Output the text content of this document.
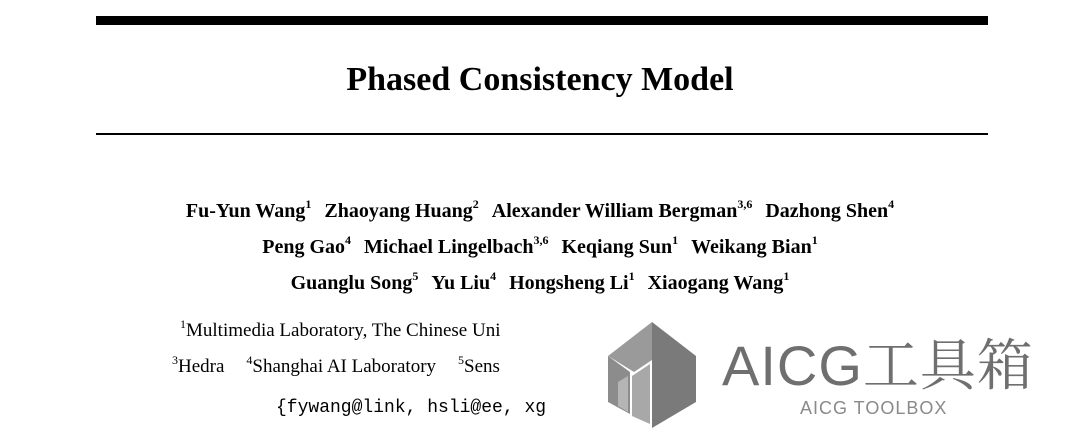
Phased Consistency Model
Fu-Yun Wang$^1$ Zhaoyang Huang$^2$ Alexander William Bergman$^{3,6}$ Dazhong Shen$^4$
Peng Gao$^4$ Michael Lingelbach$^{3,6}$ Keqiang Sun$^1$ Weikang Bian$^1$
Guanglu Song$^5$ Yu Liu$^4$ Hongsheng Li$^1$ Xiaogang Wang$^1$
$^1$Multimedia Laboratory, The Chinese Uni
$^3$Hedra $^4$Shanghai AI Laboratory $^5$Sens
{fywang@link, hsli@ee, xg
AICG工具箱
AICG TOOLBOX
